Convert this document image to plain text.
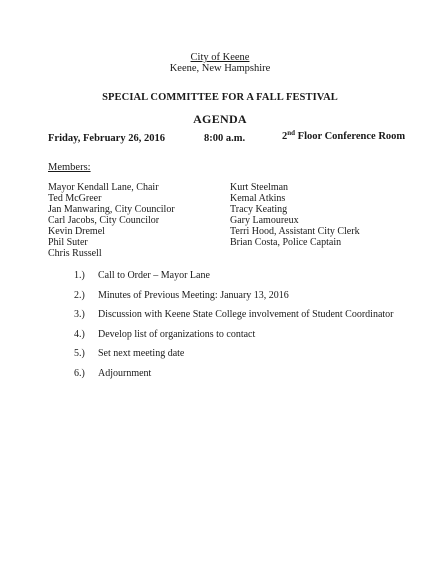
City of Keene
Keene, New Hampshire
SPECIAL COMMITTEE FOR A FALL FESTIVAL
AGENDA
Friday, February 26, 2016	8:00 a.m.	2nd Floor Conference Room
Members:
Mayor Kendall Lane, Chair
Ted McGreer
Jan Manwaring, City Councilor
Carl Jacobs, City Councilor
Kevin Dremel
Phil Suter
Chris Russell
Kurt Steelman
Kemal Atkins
Tracy Keating
Gary Lamoureux
Terri Hood, Assistant City Clerk
Brian Costa, Police Captain
1.) Call to Order – Mayor Lane
2.) Minutes of Previous Meeting: January 13, 2016
3.) Discussion with Keene State College involvement of Student Coordinator
4.) Develop list of organizations to contact
5.) Set next meeting date
6.) Adjournment
